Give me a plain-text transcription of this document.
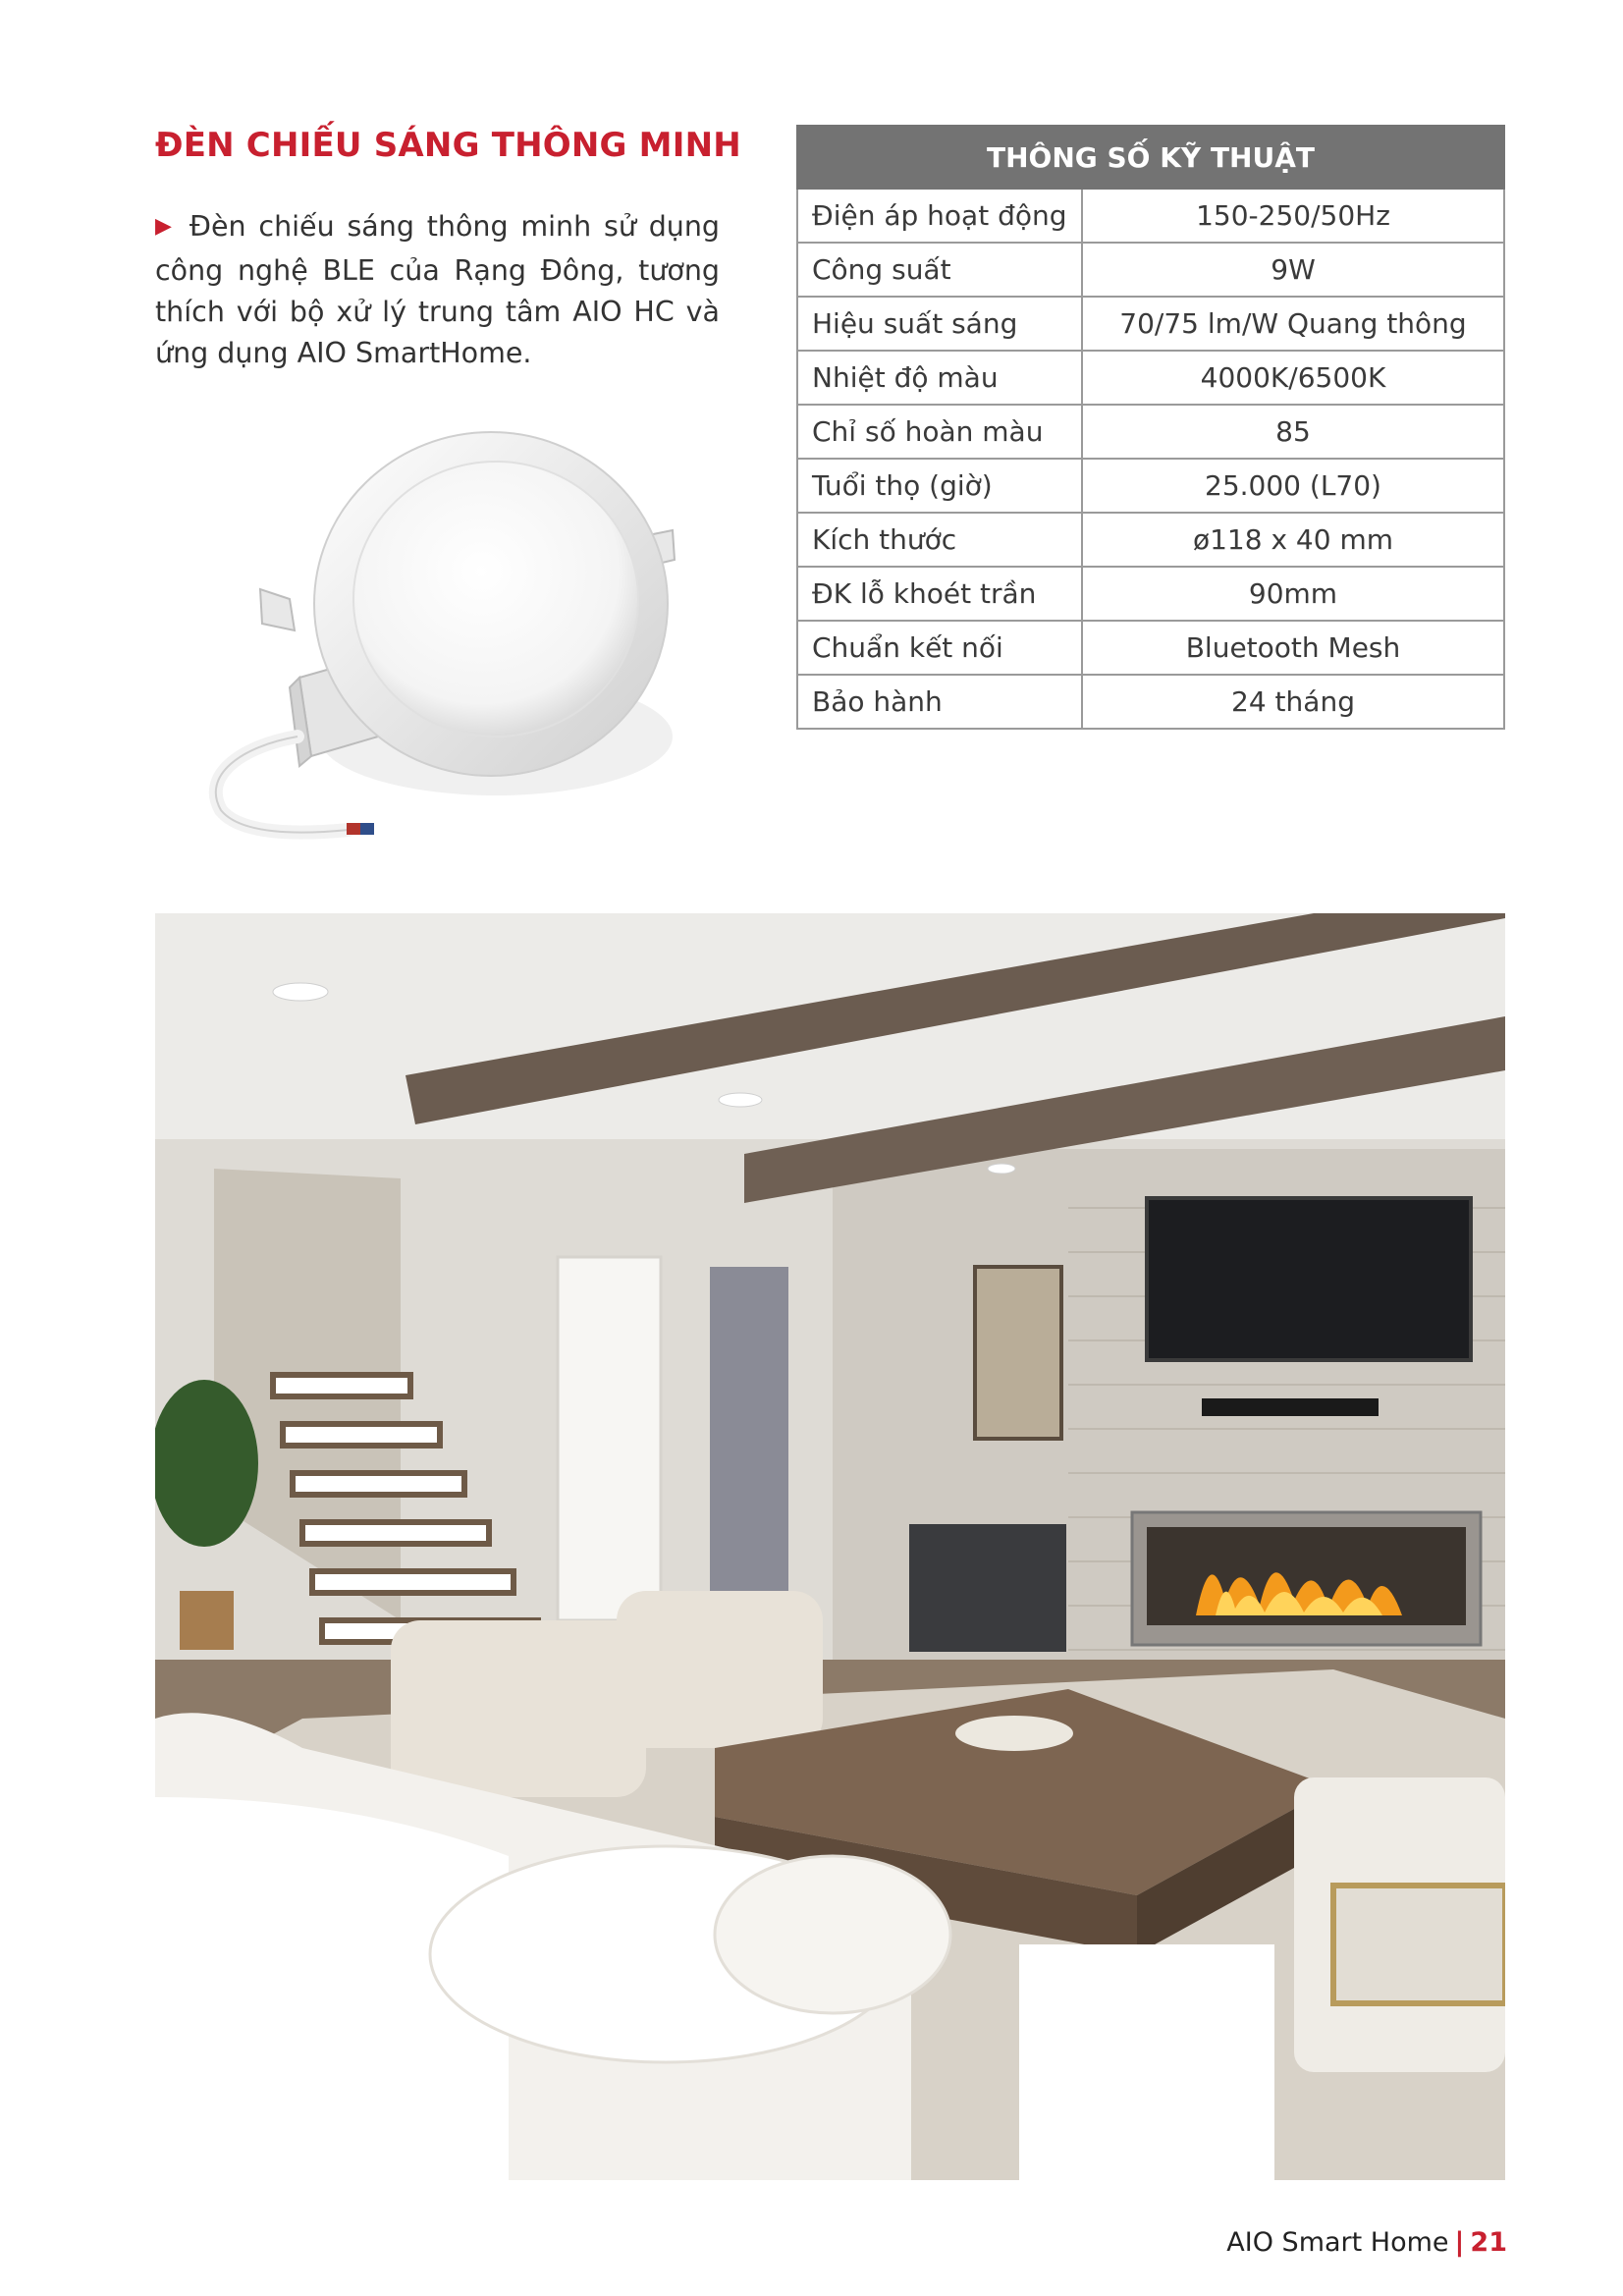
ĐÈN CHIẾU SÁNG THÔNG MINH
▶ Đèn chiếu sáng thông minh sử dụng công nghệ BLE của Rạng Đông, tương thích với bộ xử lý trung tâm AIO HC và ứng dụng AIO SmartHome.
THÔNG SỐ KỸ THUẬT	
Điện áp hoạt động	150-250/50Hz
Công suất	9W
Hiệu suất sáng	70/75 lm/W Quang thông
Nhiệt độ màu	4000K/6500K
Chỉ số hoàn màu	85
Tuổi thọ (giờ)	25.000 (L70)
Kích thước	ø118 x 40 mm
ĐK lỗ khoét trần	90mm
Chuẩn kết nối	Bluetooth Mesh
Bảo hành	24 tháng
AIO Smart Home | 21
